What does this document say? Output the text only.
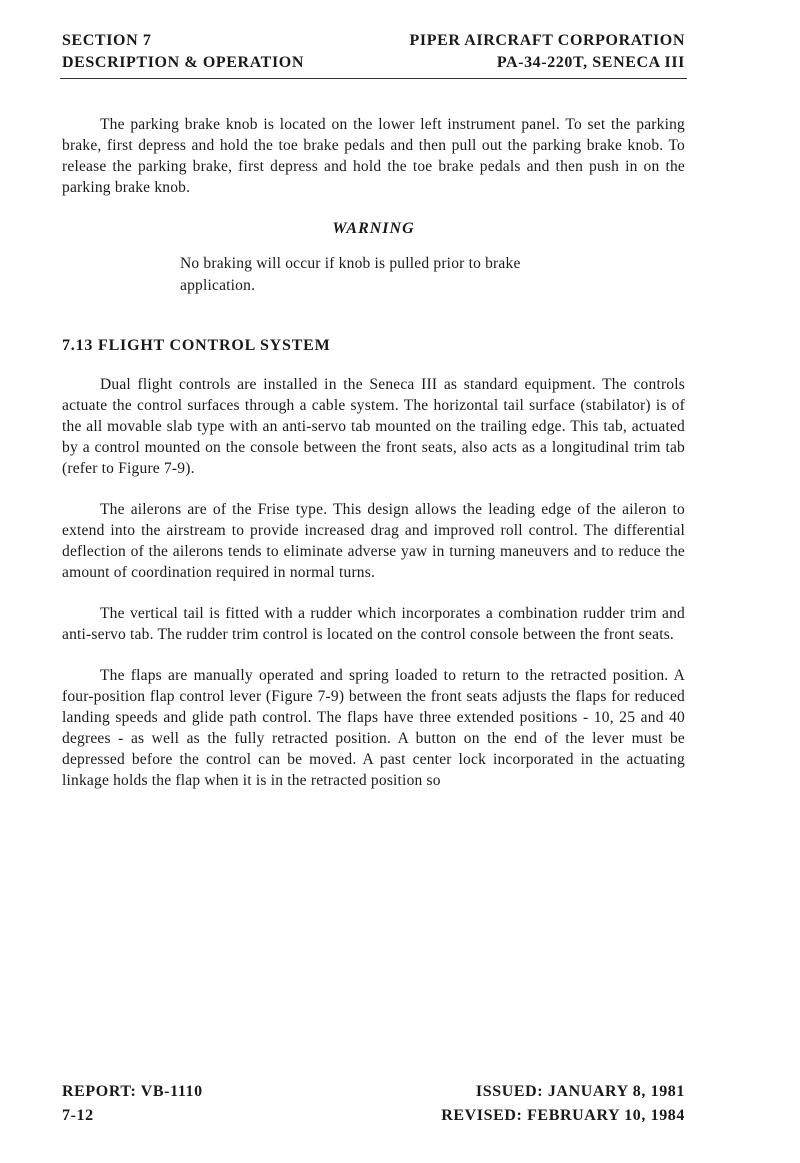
SECTION 7	PIPER AIRCRAFT CORPORATION
DESCRIPTION & OPERATION	PA-34-220T, SENECA III

The parking brake knob is located on the lower left instrument panel. To set the parking brake, first depress and hold the toe brake pedals and then pull out the parking brake knob. To release the parking brake, first depress and hold the toe brake pedals and then push in on the parking brake knob.

WARNING
No braking will occur if knob is pulled prior to brake application.
7.13 FLIGHT CONTROL SYSTEM

Dual flight controls are installed in the Seneca III as standard equipment. The controls actuate the control surfaces through a cable system. The horizontal tail surface (stabilator) is of the all movable slab type with an anti-servo tab mounted on the trailing edge. This tab, actuated by a control mounted on the console between the front seats, also acts as a longitudinal trim tab (refer to Figure 7-9).

The ailerons are of the Frise type. This design allows the leading edge of the aileron to extend into the airstream to provide increased drag and improved roll control. The differential deflection of the ailerons tends to eliminate adverse yaw in turning maneuvers and to reduce the amount of coordination required in normal turns.

The vertical tail is fitted with a rudder which incorporates a combination rudder trim and anti-servo tab. The rudder trim control is located on the control console between the front seats.

The flaps are manually operated and spring loaded to return to the retracted position. A four-position flap control lever (Figure 7-9) between the front seats adjusts the flaps for reduced landing speeds and glide path control. The flaps have three extended positions - 10, 25 and 40 degrees - as well as the fully retracted position. A button on the end of the lever must be depressed before the control can be moved. A past center lock incorporated in the actuating linkage holds the flap when it is in the retracted position so

REPORT: VB-1110	ISSUED: JANUARY 8, 1981
7-12	REVISED: FEBRUARY 10, 1984
